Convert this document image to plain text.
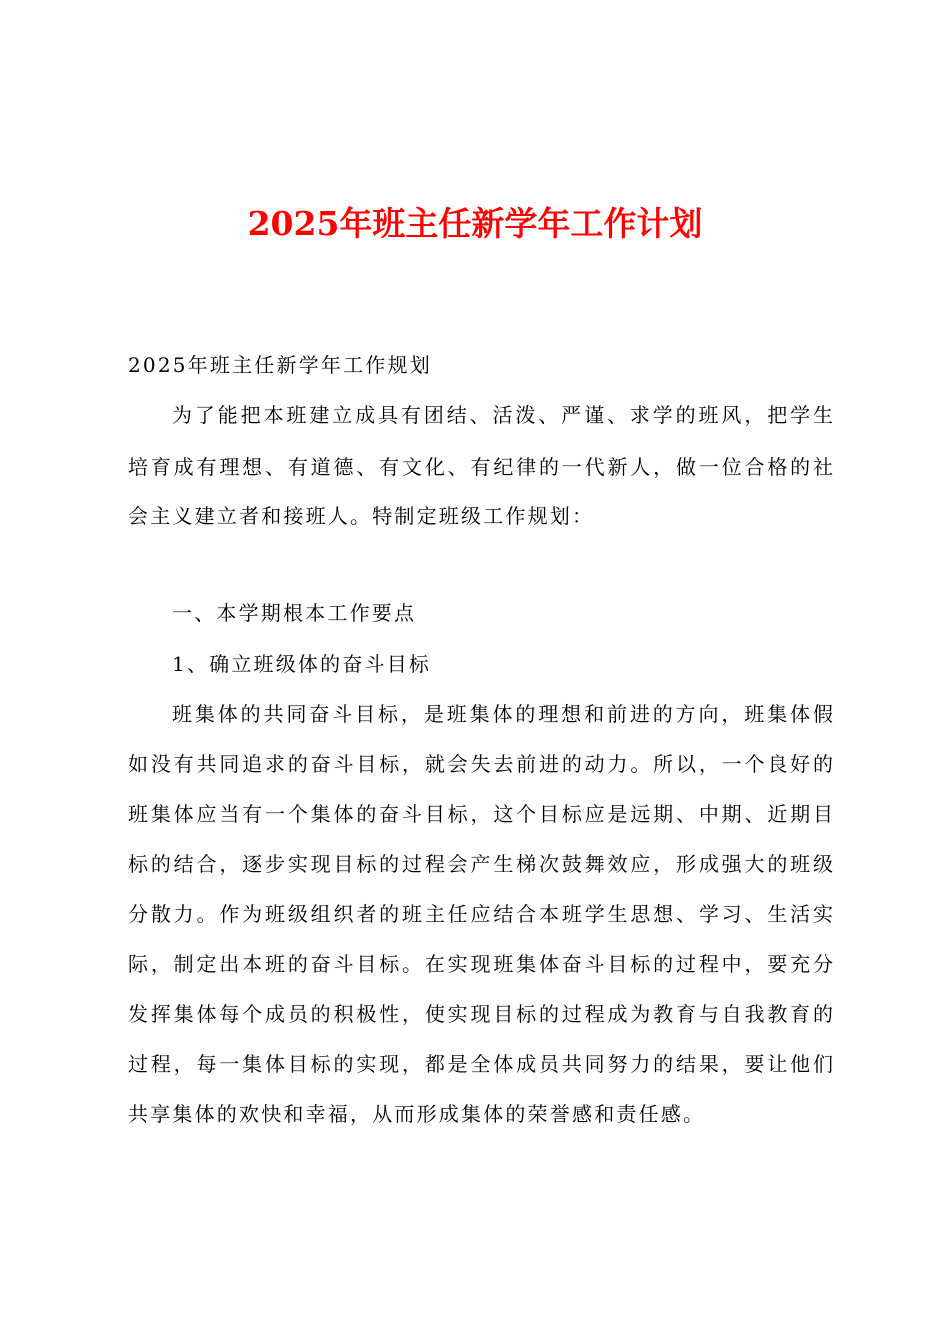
2025年班主任新学年工作计划
2025年班主任新学年工作规划
为了能把本班建立成具有团结、活泼、严谨、求学的班风，把学生
培育成有理想、有道德、有文化、有纪律的一代新人，做一位合格的社
会主义建立者和接班人。特制定班级工作规划：
一、本学期根本工作要点
1、确立班级体的奋斗目标
班集体的共同奋斗目标，是班集体的理想和前进的方向，班集体假
如没有共同追求的奋斗目标，就会失去前进的动力。所以，一个良好的
班集体应当有一个集体的奋斗目标，这个目标应是远期、中期、近期目
标的结合，逐步实现目标的过程会产生梯次鼓舞效应，形成强大的班级
分散力。作为班级组织者的班主任应结合本班学生思想、学习、生活实
际，制定出本班的奋斗目标。在实现班集体奋斗目标的过程中，要充分
发挥集体每个成员的积极性，使实现目标的过程成为教育与自我教育的
过程，每一集体目标的实现，都是全体成员共同努力的结果，要让他们
共享集体的欢快和幸福，从而形成集体的荣誉感和责任感。
